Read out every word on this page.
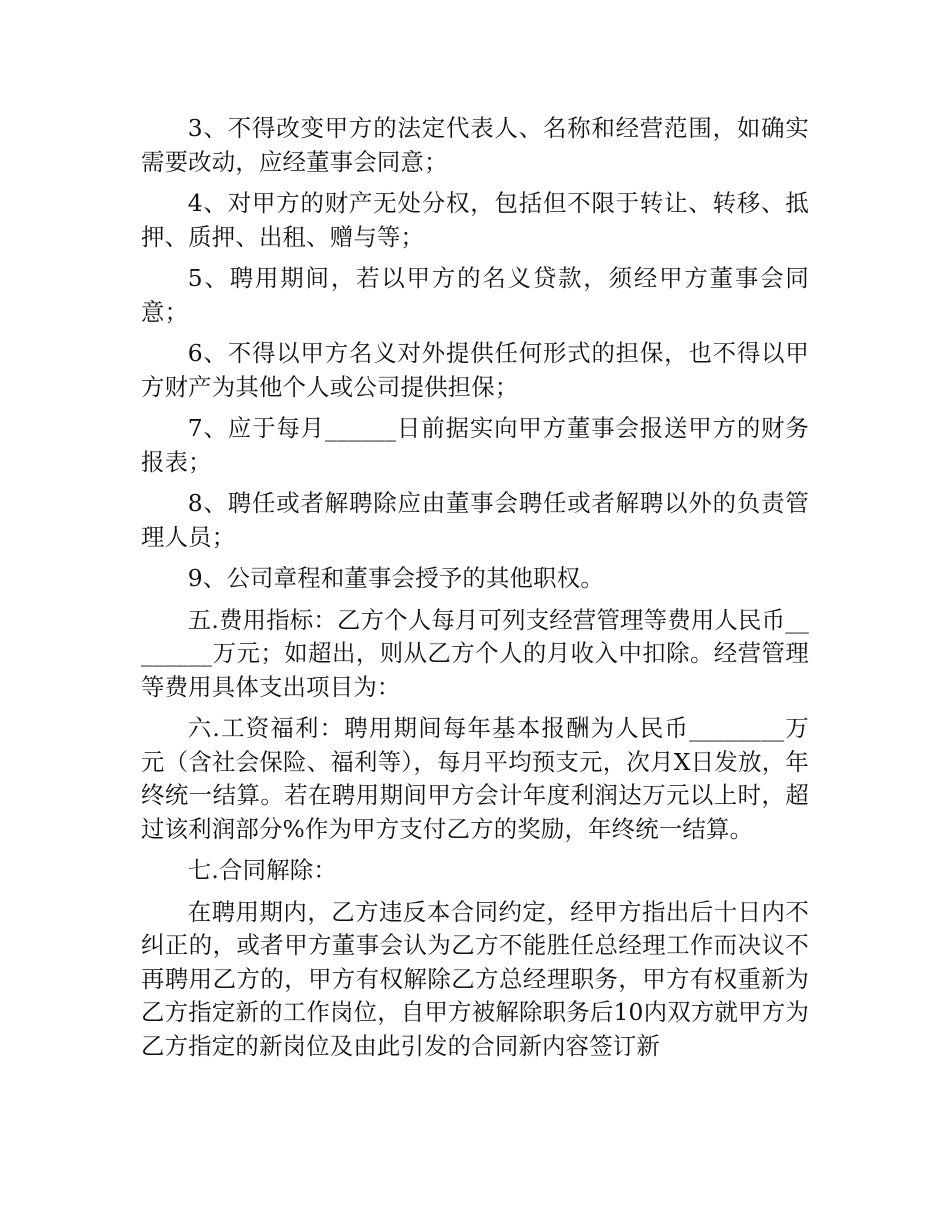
3、不得改变甲方的法定代表人、名称和经营范围，如确实需要改动，应经董事会同意；

4、对甲方的财产无处分权，包括但不限于转让、转移、抵押、质押、出租、赠与等；

5、聘用期间，若以甲方的名义贷款，须经甲方董事会同意；

6、不得以甲方名义对外提供任何形式的担保，也不得以甲方财产为其他个人或公司提供担保；

7、应于每月______日前据实向甲方董事会报送甲方的财务报表；

8、聘任或者解聘除应由董事会聘任或者解聘以外的负责管理人员；

9、公司章程和董事会授予的其他职权。

五.费用指标：乙方个人每月可列支经营管理等费用人民币________万元；如超出，则从乙方个人的月收入中扣除。经营管理等费用具体支出项目为：

六.工资福利：聘用期间每年基本报酬为人民币________万元（含社会保险、福利等），每月平均预支元，次月X日发放，年终统一结算。若在聘用期间甲方会计年度利润达万元以上时，超过该利润部分%作为甲方支付乙方的奖励，年终统一结算。

七.合同解除：

在聘用期内，乙方违反本合同约定，经甲方指出后十日内不纠正的，或者甲方董事会认为乙方不能胜任总经理工作而决议不再聘用乙方的，甲方有权解除乙方总经理职务，甲方有权重新为乙方指定新的工作岗位，自甲方被解除职务后10内双方就甲方为乙方指定的新岗位及由此引发的合同新内容签订新
